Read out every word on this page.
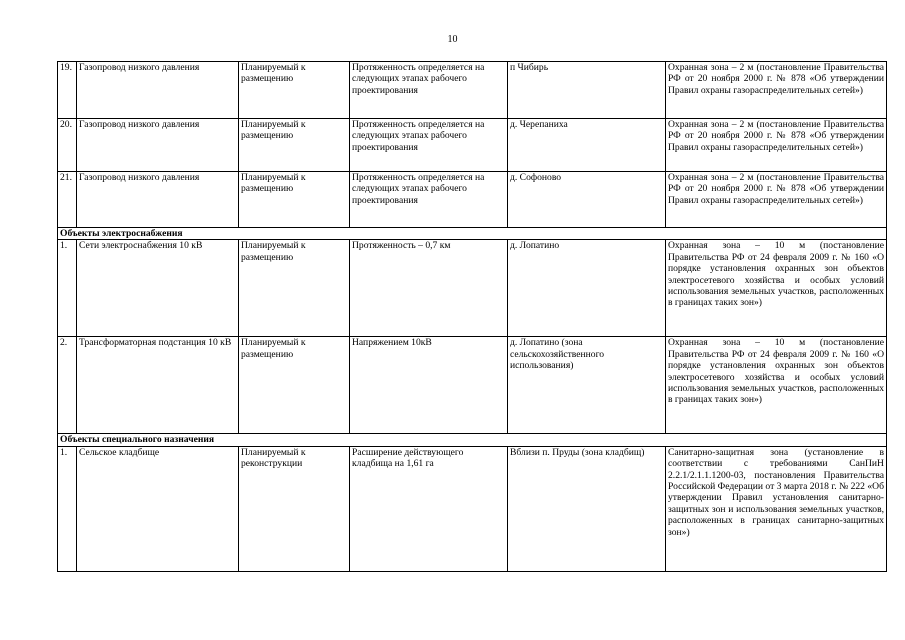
10
19.	Газопровод низкого давления	Планируемый к размещению	Протяженность определяется на следующих этапах рабочего проектирования	п Чибирь	Охранная зона – 2 м (постановление Правительства РФ от 20 ноября 2000 г. № 878 «Об утверждении Правил охраны газораспределительных сетей»)
20.	Газопровод низкого давления	Планируемый к размещению	Протяженность определяется на следующих этапах рабочего проектирования	д. Черепаниха	Охранная зона – 2 м (постановление Правительства РФ от 20 ноября 2000 г. № 878 «Об утверждении Правил охраны газораспределительных сетей»)
21.	Газопровод низкого давления	Планируемый к размещению	Протяженность определяется на следующих этапах рабочего проектирования	д. Софоново	Охранная зона – 2 м (постановление Правительства РФ от 20 ноября 2000 г. № 878 «Об утверждении Правил охраны газораспределительных сетей»)
Объекты электроснабжения					
1.	Сети электроснабжения 10 кВ	Планируемый к размещению	Протяженность – 0,7 км	д. Лопатино	Охранная зона – 10 м (постановление Правительства РФ от 24 февраля 2009 г. № 160 «О порядке установления охранных зон объектов электросетевого хозяйства и особых условий использования земельных участков, расположенных в границах таких зон»)
2.	Трансформаторная подстанция 10 кВ	Планируемый к размещению	Напряжением 10кВ	д. Лопатино (зона сельскохозяйственного использования)	Охранная зона – 10 м (постановление Правительства РФ от 24 февраля 2009 г. № 160 «О порядке установления охранных зон объектов электросетевого хозяйства и особых условий использования земельных участков, расположенных в границах таких зон»)
Объекты специального назначения					
1.	Сельское кладбище	Планируемый к реконструкции	Расширение действующего кладбища на 1,61 га	Вблизи п. Пруды (зона кладбищ)	Санитарно-защитная зона (установление в соответствии с требованиями СанПиН 2.2.1/2.1.1.1200-03, постановления Правительства Российской Федерации от 3 марта 2018 г. № 222 «Об утверждении Правил установления санитарно-защитных зон и использования земельных участков, расположенных в границах санитарно-защитных зон»)
